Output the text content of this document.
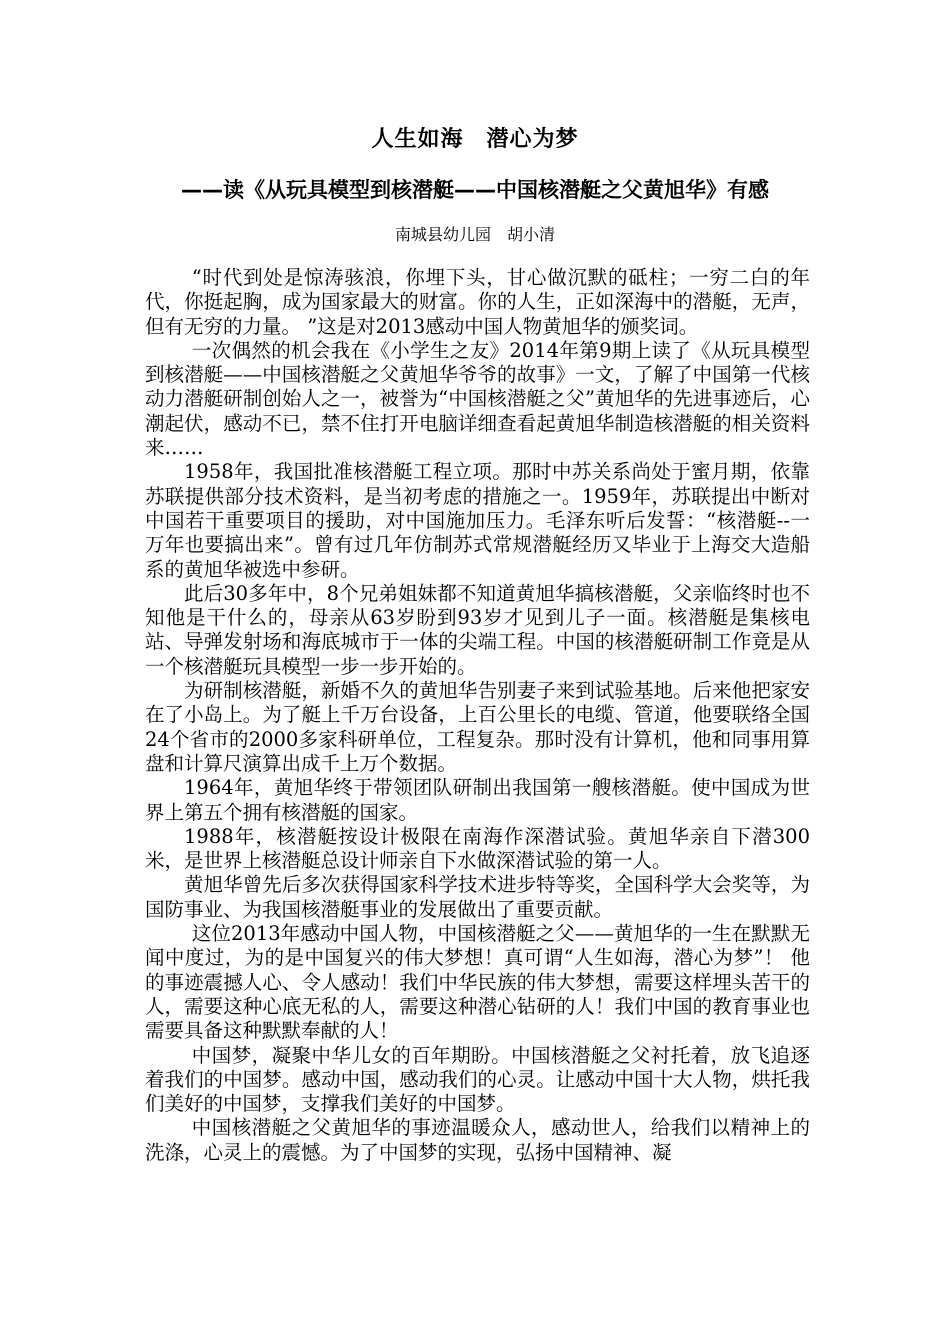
人生如海　潜心为梦
——读《从玩具模型到核潜艇——中国核潜艇之父黄旭华》有感
南城县幼儿园　胡小清

“时代到处是惊涛骇浪，你埋下头，甘心做沉默的砥柱；一穷二白的年代，你挺起胸，成为国家最大的财富。你的人生，正如深海中的潜艇，无声，但有无穷的力量。 ”这是对2013感动中国人物黄旭华的颁奖词。

一次偶然的机会我在《小学生之友》2014年第9期上读了《从玩具模型到核潜艇——中国核潜艇之父黄旭华爷爷的故事》一文，了解了中国第一代核动力潜艇研制创始人之一，被誉为“中国核潜艇之父”黄旭华的先进事迹后，心潮起伏，感动不已，禁不住打开电脑详细查看起黄旭华制造核潜艇的相关资料来……

1958年，我国批准核潜艇工程立项。那时中苏关系尚处于蜜月期，依靠苏联提供部分技术资料，是当初考虑的措施之一。1959年，苏联提出中断对中国若干重要项目的援助，对中国施加压力。毛泽东听后发誓：“核潜艇--一万年也要搞出来”。曾有过几年仿制苏式常规潜艇经历又毕业于上海交大造船系的黄旭华被选中参研。

此后30多年中，8个兄弟姐妹都不知道黄旭华搞核潜艇，父亲临终时也不知他是干什么的，母亲从63岁盼到93岁才见到儿子一面。核潜艇是集核电站、导弹发射场和海底城市于一体的尖端工程。中国的核潜艇研制工作竟是从一个核潜艇玩具模型一步一步开始的。

为研制核潜艇，新婚不久的黄旭华告别妻子来到试验基地。后来他把家安在了小岛上。为了艇上千万台设备，上百公里长的电缆、管道，他要联络全国24个省市的2000多家科研单位，工程复杂。那时没有计算机，他和同事用算盘和计算尺演算出成千上万个数据。

1964年，黄旭华终于带领团队研制出我国第一艘核潜艇。使中国成为世界上第五个拥有核潜艇的国家。

1988年，核潜艇按设计极限在南海作深潜试验。黄旭华亲自下潜300米，是世界上核潜艇总设计师亲自下水做深潜试验的第一人。

黄旭华曾先后多次获得国家科学技术进步特等奖，全国科学大会奖等，为国防事业、为我国核潜艇事业的发展做出了重要贡献。

这位2013年感动中国人物，中国核潜艇之父——黄旭华的一生在默默无闻中度过，为的是中国复兴的伟大梦想！真可谓“人生如海，潜心为梦”！ 他的事迹震撼人心、令人感动！我们中华民族的伟大梦想，需要这样埋头苦干的人，需要这种心底无私的人，需要这种潜心钻研的人！我们中国的教育事业也需要具备这种默默奉献的人！

中国梦，凝聚中华儿女的百年期盼。中国核潜艇之父衬托着，放飞追逐着我们的中国梦。感动中国，感动我们的心灵。让感动中国十大人物，烘托我们美好的中国梦，支撑我们美好的中国梦。

中国核潜艇之父黄旭华的事迹温暖众人，感动世人，给我们以精神上的洗涤，心灵上的震憾。为了中国梦的实现，弘扬中国精神、凝
